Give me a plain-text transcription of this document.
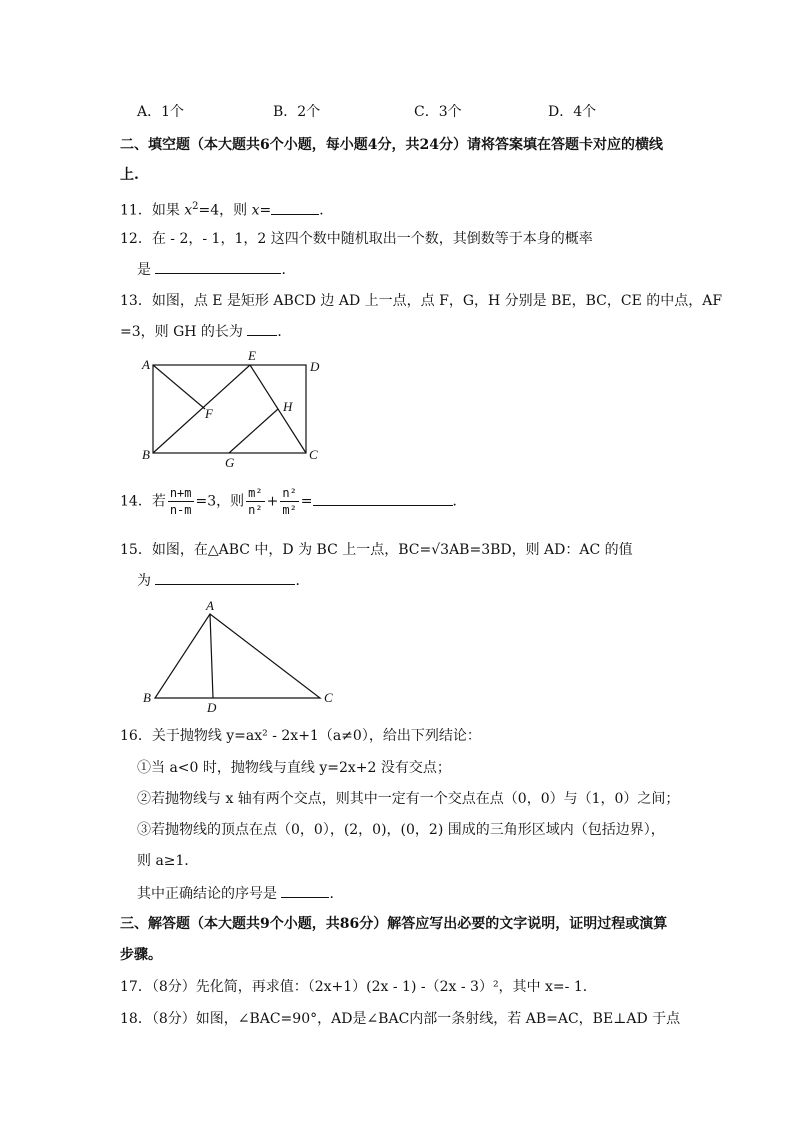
A．1个	B．2个	C．3个	D．4个
二、填空题（本大题共6个小题，每小题4分，共24分）请将答案填在答题卡对应的横线
上.
11．如果 $x^2=4$，则 x=	．
12．在 - 2，- 1，1，2 这四个数中随机取出一个数，其倒数等于本身的概率
是	．
13．如图，点 E 是矩形 ABCD 边 AD 上一点，点 F，G，H 分别是 BE，BC，CE 的中点，AF
=3，则 GH 的长为 ．
A
E
D
F	H
B
G
C
14．若 $\frac{n+m}{n-m} =3$，则 $\frac{\text{m²}}{\text{n²}} + \frac{\text{n²}}{\text{m²}}$ =	．
15．如图，在△ABC 中，D 为 BC 上一点，BC=√3AB=3BD，则 AD：AC 的值
为	．
A
B
D
C
16．关于抛物线 y=ax² - 2x+1（a≠0），给出下列结论：
①当 a<0 时，抛物线与直线 y=2x+2 没有交点；
②若抛物线与 x 轴有两个交点，则其中一定有一个交点在点（0，0）与（1，0）之间；
③若抛物线的顶点在点（0，0），(2，0)，(0，2) 围成的三角形区域内（包括边界），
则 a≥1．
其中正确结论的序号是	．
三、解答题（本大题共9个小题，共86分）解答应写出必要的文字说明，证明过程或演算
步骤。
17．（8分）先化简，再求值：（2x+1）(2x - 1) -（2x - 3）²，其中 x=- 1．
18．（8分）如图，∠BAC=90°，AD是∠BAC内部一条射线，若 AB=AC，BE⊥AD 于点
